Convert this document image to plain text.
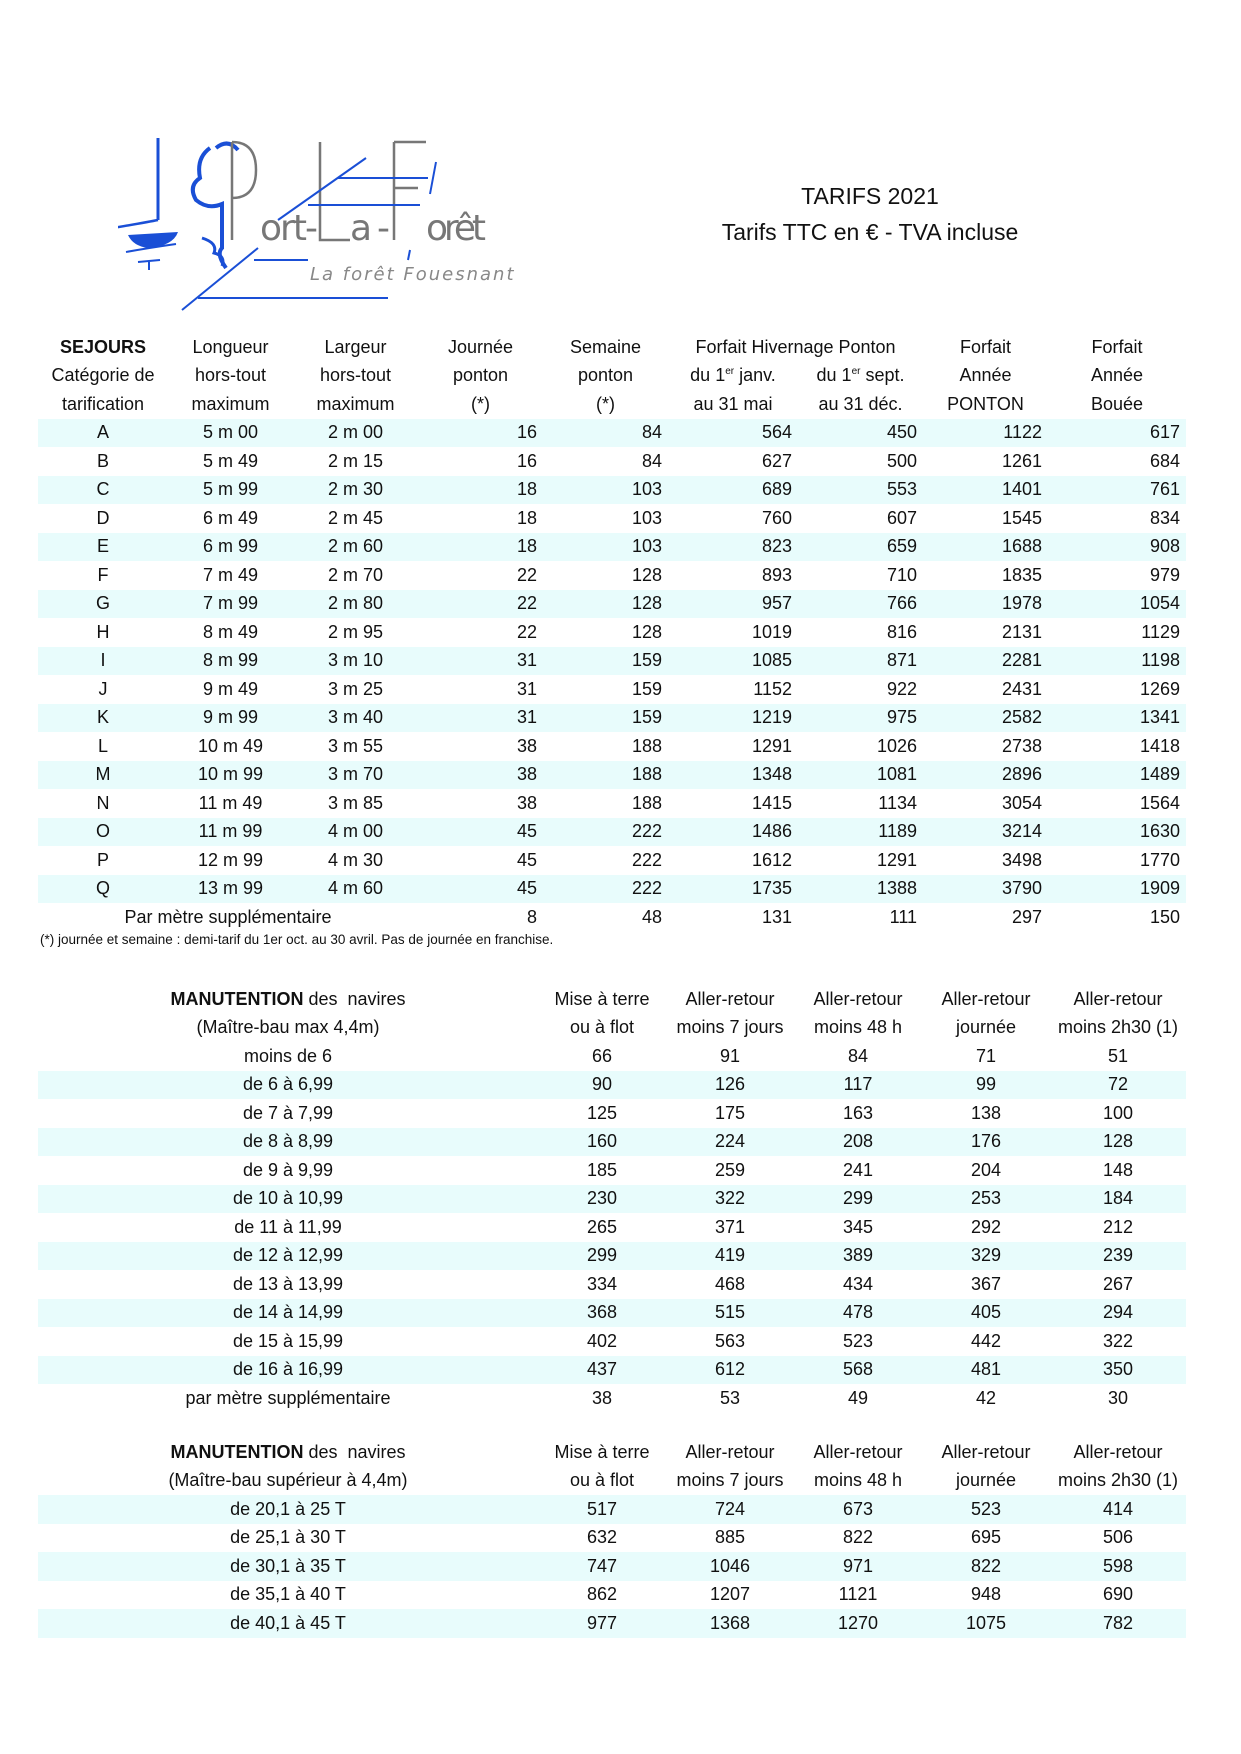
ort- a- orêt
La forêt Fouesnant
TARIFS 2021
Tarifs TTC en € - TVA incluse
SEJOURS	Longueur	Largeur	Journée	Semaine	Forfait Hivernage Ponton		Forfait	Forfait
Catégorie de	hors-tout	hors-tout	ponton	ponton	du 1er janv.	du 1er sept.	Année	Année
tarification	maximum	maximum	(*)	(*)	au 31 mai	au 31 déc.	PONTON	Bouée
A	5 m 00	2 m 00	16	84	564	450	1122	617
B	5 m 49	2 m 15	16	84	627	500	1261	684
C	5 m 99	2 m 30	18	103	689	553	1401	761
D	6 m 49	2 m 45	18	103	760	607	1545	834
E	6 m 99	2 m 60	18	103	823	659	1688	908
F	7 m 49	2 m 70	22	128	893	710	1835	979
G	7 m 99	2 m 80	22	128	957	766	1978	1054
H	8 m 49	2 m 95	22	128	1019	816	2131	1129
I	8 m 99	3 m 10	31	159	1085	871	2281	1198
J	9 m 49	3 m 25	31	159	1152	922	2431	1269
K	9 m 99	3 m 40	31	159	1219	975	2582	1341
L	10 m 49	3 m 55	38	188	1291	1026	2738	1418
M	10 m 99	3 m 70	38	188	1348	1081	2896	1489
N	11 m 49	3 m 85	38	188	1415	1134	3054	1564
O	11 m 99	4 m 00	45	222	1486	1189	3214	1630
P	12 m 99	4 m 30	45	222	1612	1291	3498	1770
Q	13 m 99	4 m 60	45	222	1735	1388	3790	1909
Par mètre supplémentaire			8	48	131	111	297	150
(*) journée et semaine : demi-tarif du 1er oct. au 30 avril. Pas de journée en franchise.
MANUTENTION des  navires	Mise à terre	Aller-retour	Aller-retour	Aller-retour	Aller-retour
(Maître-bau max 4,4m)	ou à flot	moins 7 jours	moins 48 h	journée	moins 2h30 (1)
moins de 6	66	91	84	71	51
de 6 à 6,99	90	126	117	99	72
de 7 à 7,99	125	175	163	138	100
de 8 à 8,99	160	224	208	176	128
de 9 à 9,99	185	259	241	204	148
de 10 à 10,99	230	322	299	253	184
de 11 à 11,99	265	371	345	292	212
de 12 à 12,99	299	419	389	329	239
de 13 à 13,99	334	468	434	367	267
de 14 à 14,99	368	515	478	405	294
de 15 à 15,99	402	563	523	442	322
de 16 à 16,99	437	612	568	481	350
par mètre supplémentaire	38	53	49	42	30
MANUTENTION des  navires	Mise à terre	Aller-retour	Aller-retour	Aller-retour	Aller-retour
(Maître-bau supérieur à 4,4m)	ou à flot	moins 7 jours	moins 48 h	journée	moins 2h30 (1)
de 20,1 à 25 T	517	724	673	523	414
de 25,1 à 30 T	632	885	822	695	506
de 30,1 à 35 T	747	1046	971	822	598
de 35,1 à 40 T	862	1207	1121	948	690
de 40,1 à 45 T	977	1368	1270	1075	782
